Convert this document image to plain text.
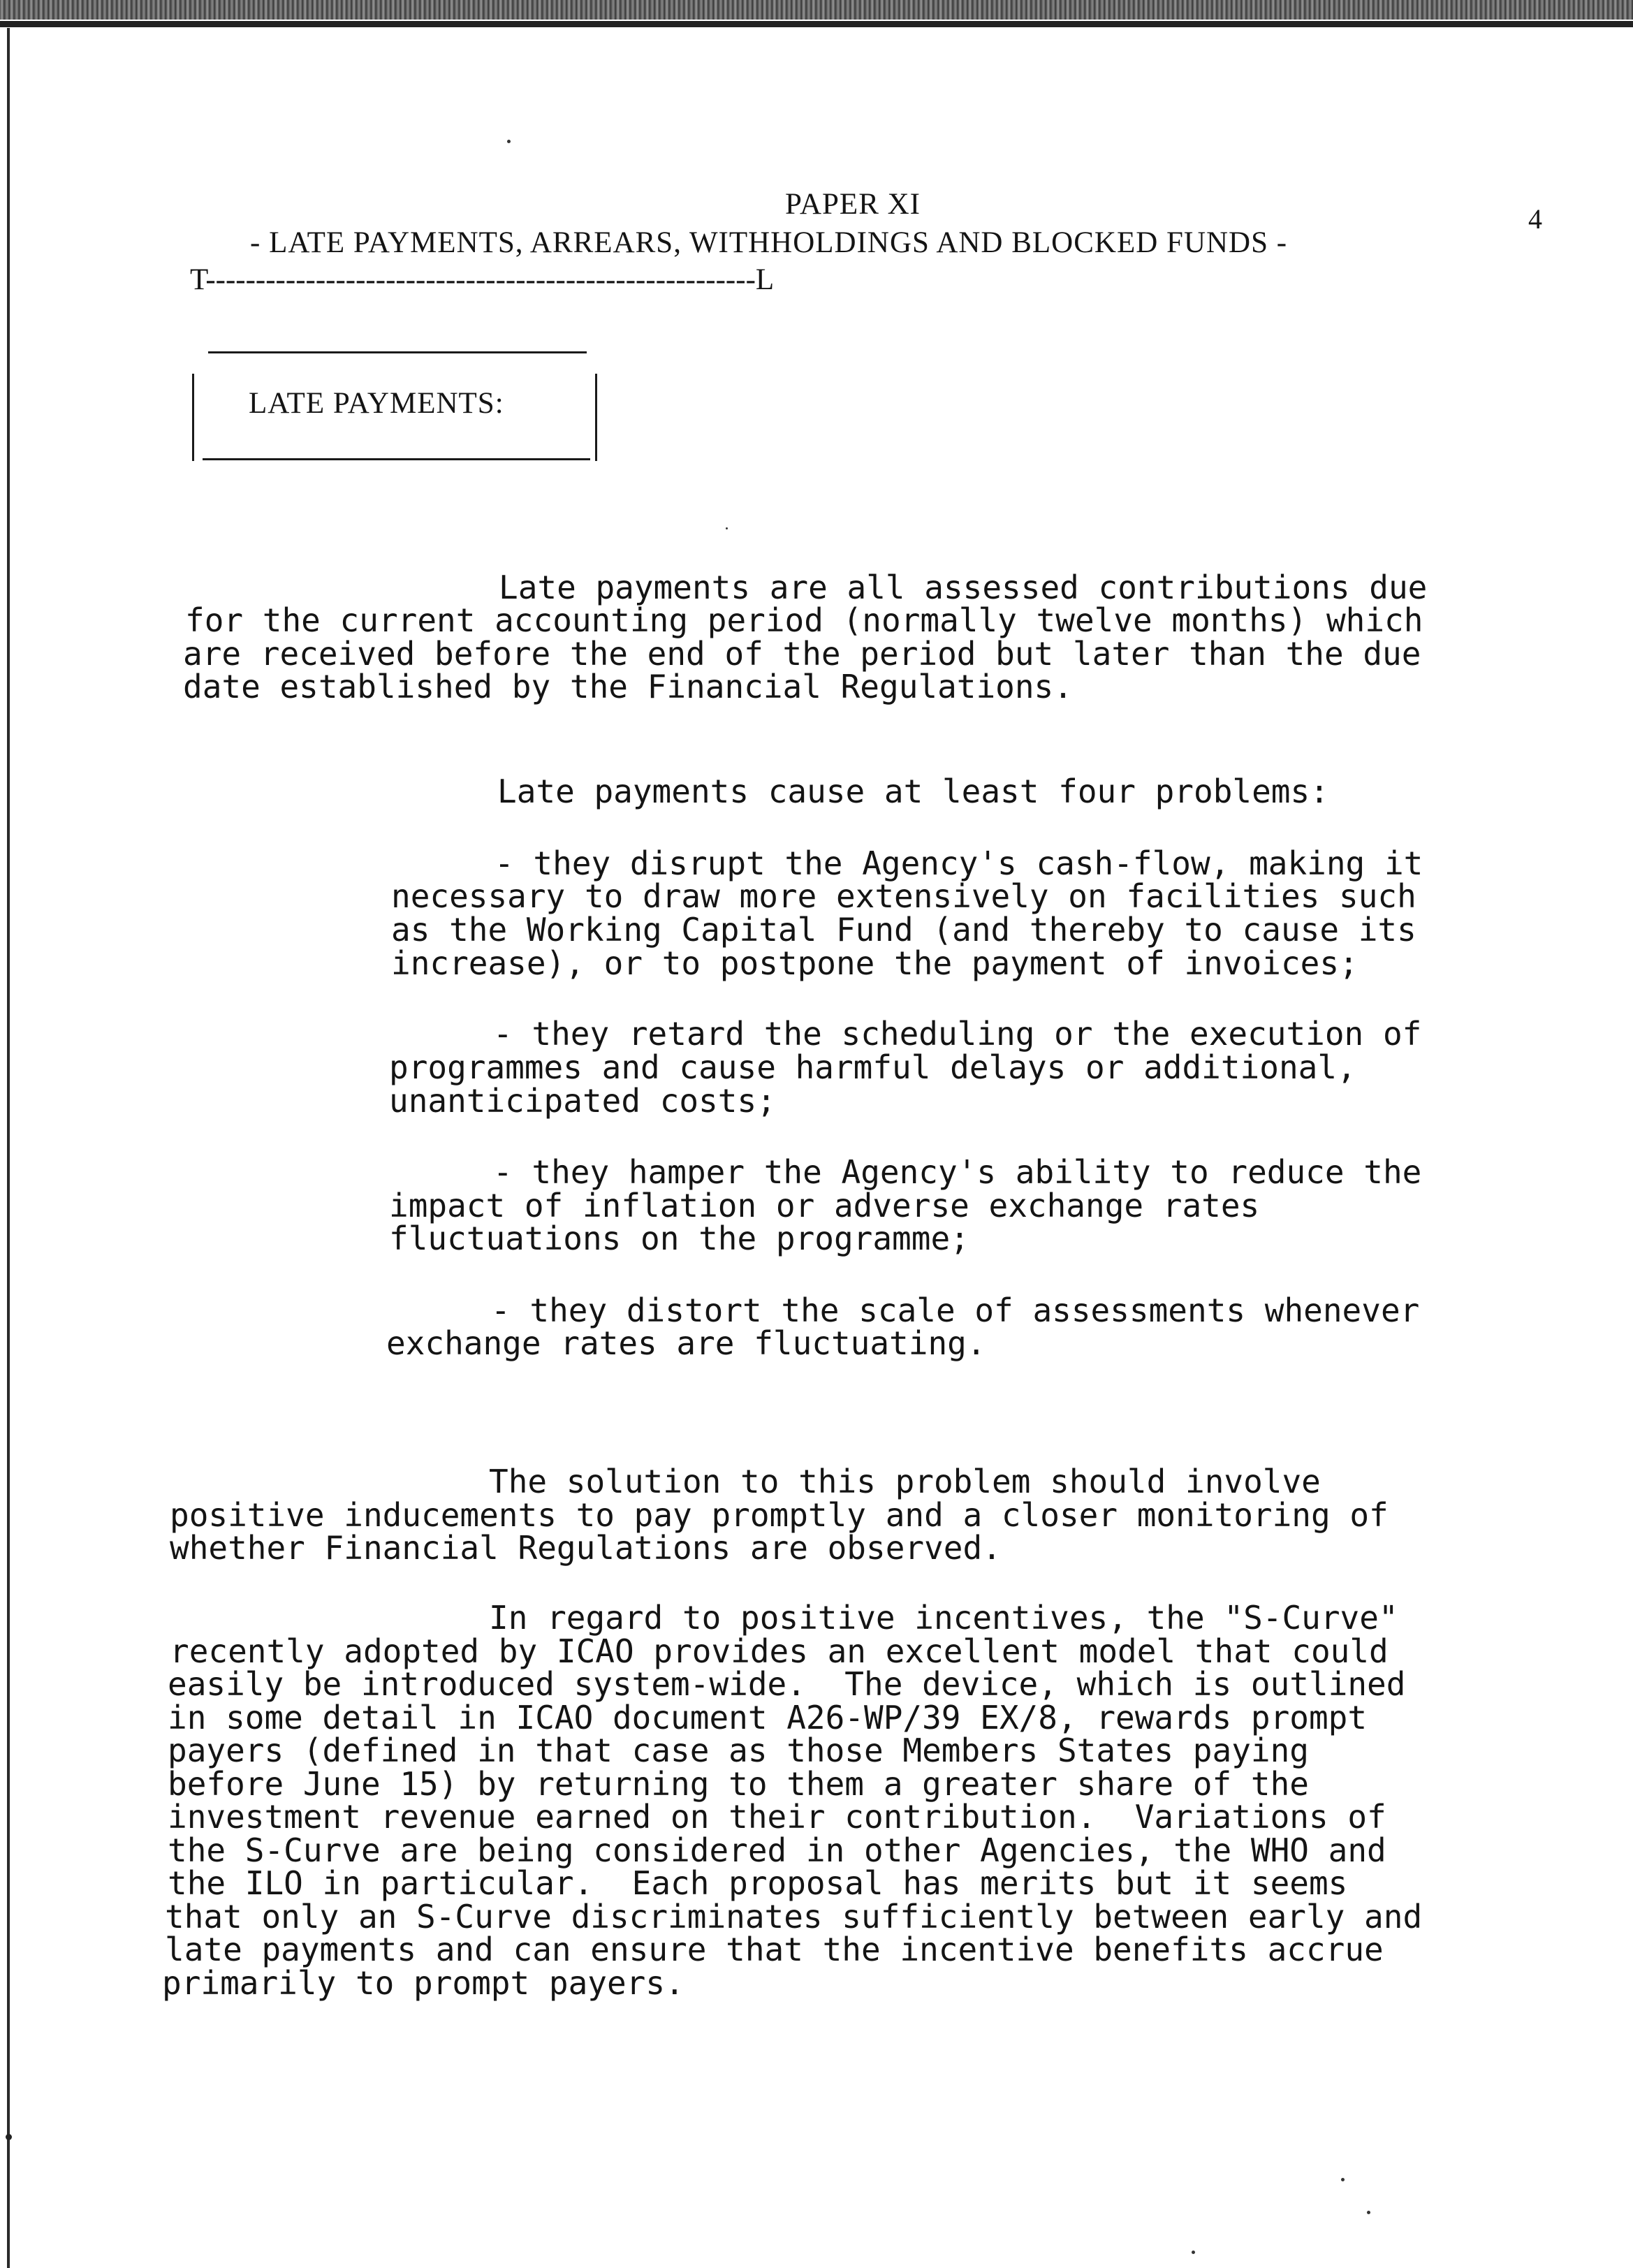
PAPER XI	4
- LATE PAYMENTS, ARREARS, WITHHOLDINGS AND BLOCKED FUNDS -
T-------------------------------------------------------L
LATE PAYMENTS:
Late payments are all assessed contributions due
for the current accounting period (normally twelve months) which
are received before the end of the period but later than the due
date established by the Financial Regulations.
Late payments cause at least four problems:
- they disrupt the Agency's cash-flow, making it
necessary to draw more extensively on facilities such
as the Working Capital Fund (and thereby to cause its
increase), or to postpone the payment of invoices;
- they retard the scheduling or the execution of
programmes and cause harmful delays or additional,
unanticipated costs;
- they hamper the Agency's ability to reduce the
impact of inflation or adverse exchange rates
fluctuations on the programme;
- they distort the scale of assessments whenever
exchange rates are fluctuating.
The solution to this problem should involve
positive inducements to pay promptly and a closer monitoring of
whether Financial Regulations are observed.
In regard to positive incentives, the "S-Curve"
recently adopted by ICAO provides an excellent model that could
easily be introduced system-wide.  The device, which is outlined
in some detail in ICAO document A26-WP/39 EX/8, rewards prompt
payers (defined in that case as those Members States paying
before June 15) by returning to them a greater share of the
investment revenue earned on their contribution.  Variations of
the S-Curve are being considered in other Agencies, the WHO and
the ILO in particular.  Each proposal has merits but it seems
that only an S-Curve discriminates sufficiently between early and
late payments and can ensure that the incentive benefits accrue
primarily to prompt payers.
